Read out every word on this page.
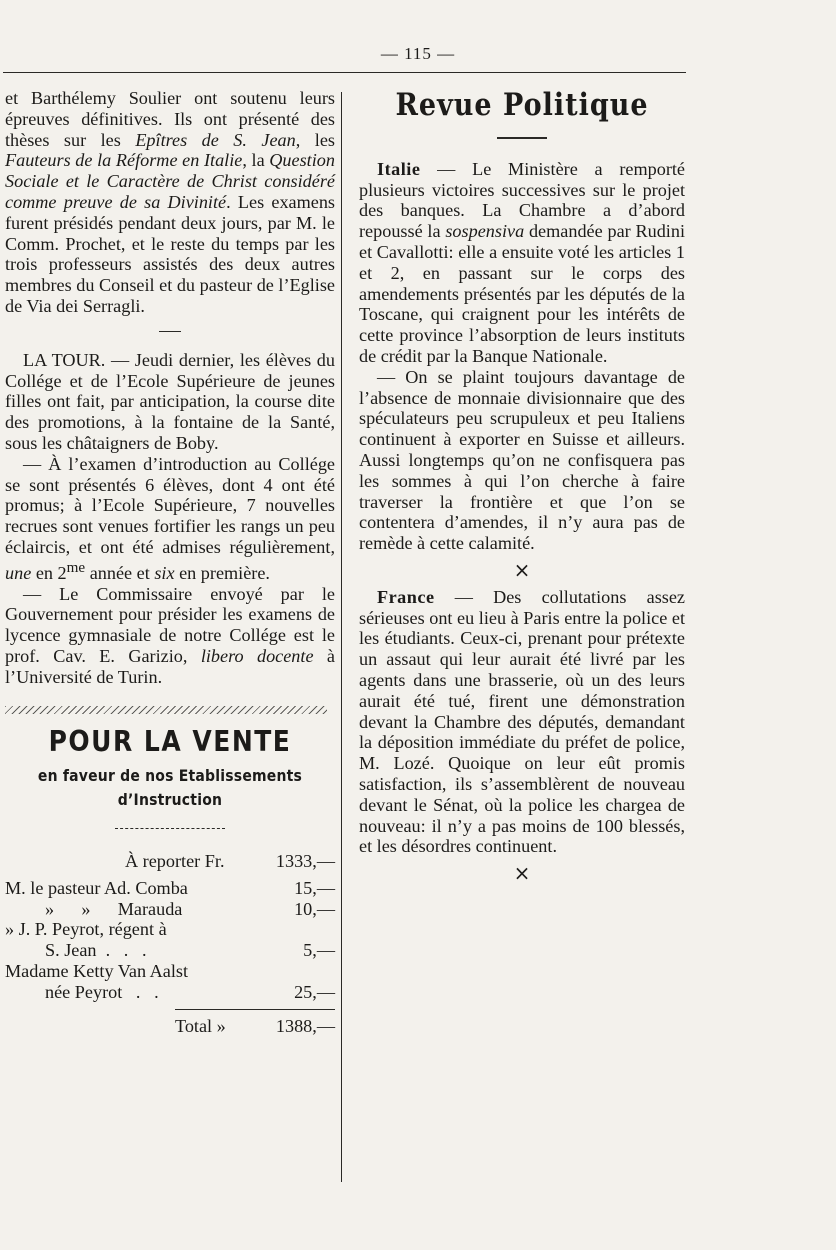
— 115 —

et Barthélemy Soulier ont soutenu leurs épreuves définitives. Ils ont présenté des thèses sur les Epîtres de S. Jean, les Fauteurs de la Réforme en Italie, la Question Sociale et le Caractère de Christ considéré comme preuve de sa Divinité. Les examens furent présidés pendant deux jours, par M. le Comm. Prochet, et le reste du temps par les trois professeurs assistés des deux autres membres du Conseil et du pasteur de l’Eglise de Via dei Serragli.

LA TOUR. — Jeudi dernier, les élèves du Collége et de l’Ecole Supérieure de jeunes filles ont fait, par anticipation, la course dite des promotions, à la fontaine de la Santé, sous les châtaigners de Boby.

— À l’examen d’introduction au Collége se sont présentés 6 élèves, dont 4 ont été promus; à l’Ecole Supérieure, 7 nouvelles recrues sont venues fortifier les rangs un peu éclaircis, et ont été admises régulièrement, une en $2^{me}$ année et six en première.

— Le Commissaire envoyé par le Gouvernement pour présider les examens de lycence gymnasiale de notre Collége est le prof. Cav. E. Garizio, libero docente à l’Université de Turin.

POUR LA VENTE
en faveur de nos Etablissements d’Instruction
À reporter Fr.	1333,—
M. le pasteur Ad. Comba	15,—
»      »      Marauda	10,—
» J. P. Peyrot, régent à
S. Jean  .   .   .	5,—
Madame Ketty Van Aalst
née Peyrot   .   .	25,—
Total »	1388,—
Revue Politique

Italie — Le Ministère a remporté plusieurs victoires successives sur le projet des banques. La Chambre a d’abord repoussé la sospensiva demandée par Rudini et Cavallotti: elle a ensuite voté les articles 1 et 2, en passant sur le corps des amendements présentés par les députés de la Toscane, qui craignent pour les intérêts de cette province l’absorption de leurs instituts de crédit par la Banque Nationale.

— On se plaint toujours davantage de l’absence de monnaie divisionnaire que des spéculateurs peu scrupuleux et peu Italiens continuent à exporter en Suisse et ailleurs. Aussi longtemps qu’on ne confisquera pas les sommes à qui l’on cherche à faire traverser la frontière et que l’on se contentera d’amendes, il n’y aura pas de remède à cette calamité.

×

France — Des collutations assez sérieuses ont eu lieu à Paris entre la police et les étudiants. Ceux-ci, prenant pour prétexte un assaut qui leur aurait été livré par les agents dans une brasserie, où un des leurs aurait été tué, firent une démonstration devant la Chambre des députés, demandant la déposition immédiate du préfet de police, M. Lozé. Quoique on leur eût promis satisfaction, ils s’assemblèrent de nouveau devant le Sénat, où la police les chargea de nouveau: il n’y a pas moins de 100 blessés, et les désordres continuent.

×
